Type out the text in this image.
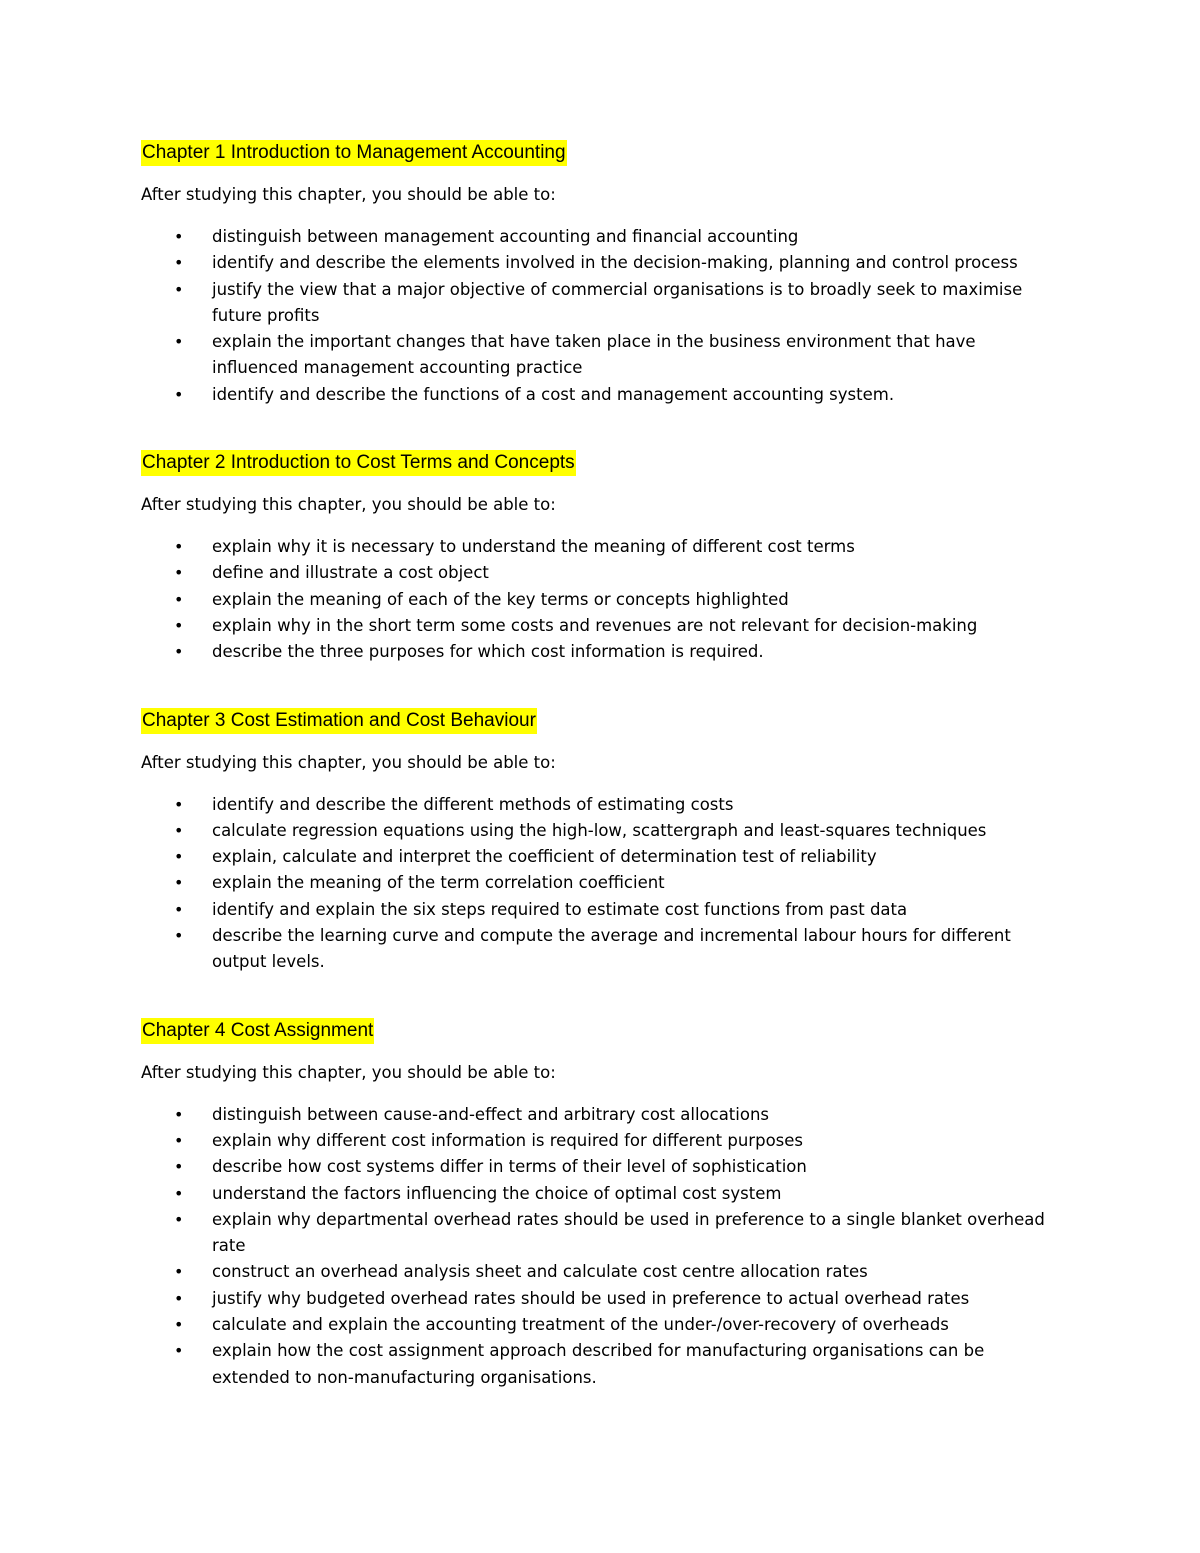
Chapter 1 Introduction to Management Accounting

After studying this chapter, you should be able to:

• distinguish between management accounting and financial accounting
• identify and describe the elements involved in the decision-making, planning and control process
• justify the view that a major objective of commercial organisations is to broadly seek to maximise future profits
• explain the important changes that have taken place in the business environment that have influenced management accounting practice
• identify and describe the functions of a cost and management accounting system.
Chapter 2 Introduction to Cost Terms and Concepts

After studying this chapter, you should be able to:

• explain why it is necessary to understand the meaning of different cost terms
• define and illustrate a cost object
• explain the meaning of each of the key terms or concepts highlighted
• explain why in the short term some costs and revenues are not relevant for decision-making
• describe the three purposes for which cost information is required.
Chapter 3 Cost Estimation and Cost Behaviour

After studying this chapter, you should be able to:

• identify and describe the different methods of estimating costs
• calculate regression equations using the high-low, scattergraph and least-squares techniques
• explain, calculate and interpret the coefficient of determination test of reliability
• explain the meaning of the term correlation coefficient
• identify and explain the six steps required to estimate cost functions from past data
• describe the learning curve and compute the average and incremental labour hours for different output levels.
Chapter 4 Cost Assignment

After studying this chapter, you should be able to:

• distinguish between cause-and-effect and arbitrary cost allocations
• explain why different cost information is required for different purposes
• describe how cost systems differ in terms of their level of sophistication
• understand the factors influencing the choice of optimal cost system
• explain why departmental overhead rates should be used in preference to a single blanket overhead rate
• construct an overhead analysis sheet and calculate cost centre allocation rates
• justify why budgeted overhead rates should be used in preference to actual overhead rates
• calculate and explain the accounting treatment of the under-/over-recovery of overheads
• explain how the cost assignment approach described for manufacturing organisations can be extended to non-manufacturing organisations.
